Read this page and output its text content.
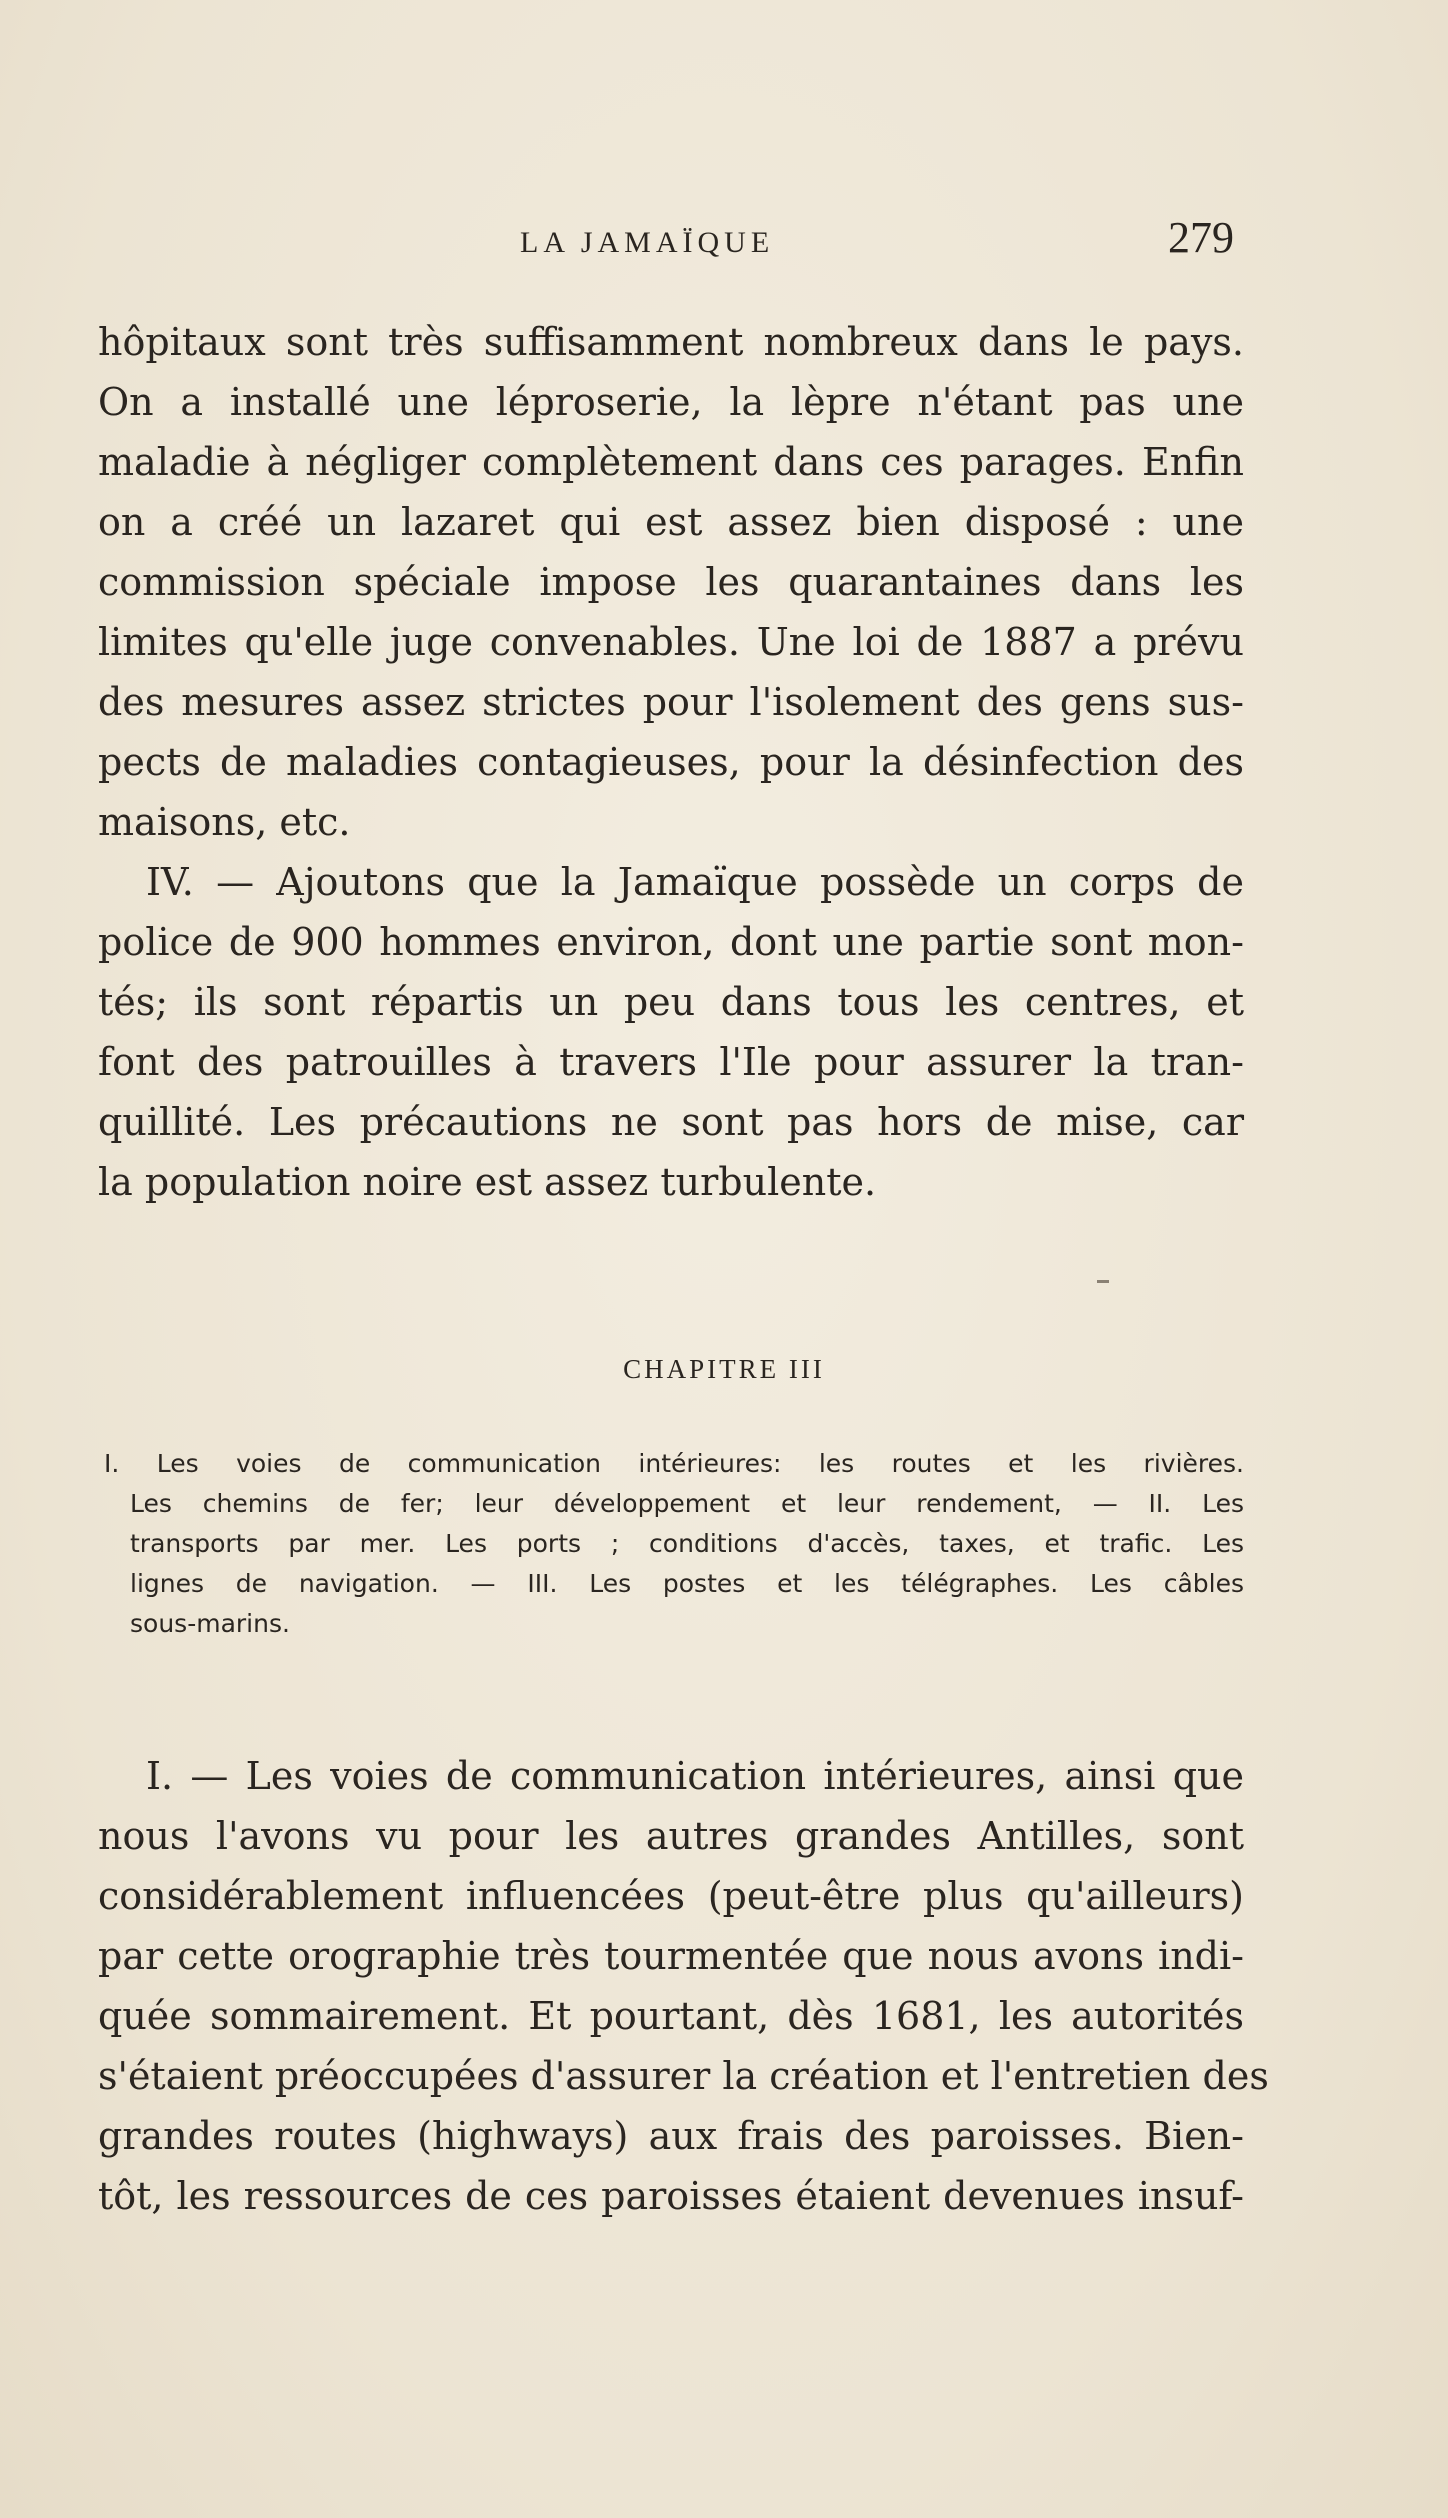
LA JAMAÏQUE	279
hôpitaux sont très suffisamment nombreux dans le pays.
On a installé une léproserie, la lèpre n'étant pas une
maladie à négliger complètement dans ces parages. Enfin
on a créé un lazaret qui est assez bien disposé : une
commission spéciale impose les quarantaines dans les
limites qu'elle juge convenables. Une loi de 1887 a prévu
des mesures assez strictes pour l'isolement des gens sus-
pects de maladies contagieuses, pour la désinfection des
maisons, etc.
IV. — Ajoutons que la Jamaïque possède un corps de
police de 900 hommes environ, dont une partie sont mon-
tés; ils sont répartis un peu dans tous les centres, et
font des patrouilles à travers l'Ile pour assurer la tran-
quillité. Les précautions ne sont pas hors de mise, car
la population noire est assez turbulente.
CHAPITRE III
I. Les voies de communication intérieures: les routes et les rivières.
Les chemins de fer; leur développement et leur rendement, — II. Les
transports par mer. Les ports ; conditions d'accès, taxes, et trafic. Les
lignes de navigation. — III. Les postes et les télégraphes. Les câbles
sous-marins.
I. — Les voies de communication intérieures, ainsi que
nous l'avons vu pour les autres grandes Antilles, sont
considérablement influencées (peut-être plus qu'ailleurs)
par cette orographie très tourmentée que nous avons indi-
quée sommairement. Et pourtant, dès 1681, les autorités
s'étaient préoccupées d'assurer la création et l'entretien des
grandes routes (highways) aux frais des paroisses. Bien-
tôt, les ressources de ces paroisses étaient devenues insuf-
